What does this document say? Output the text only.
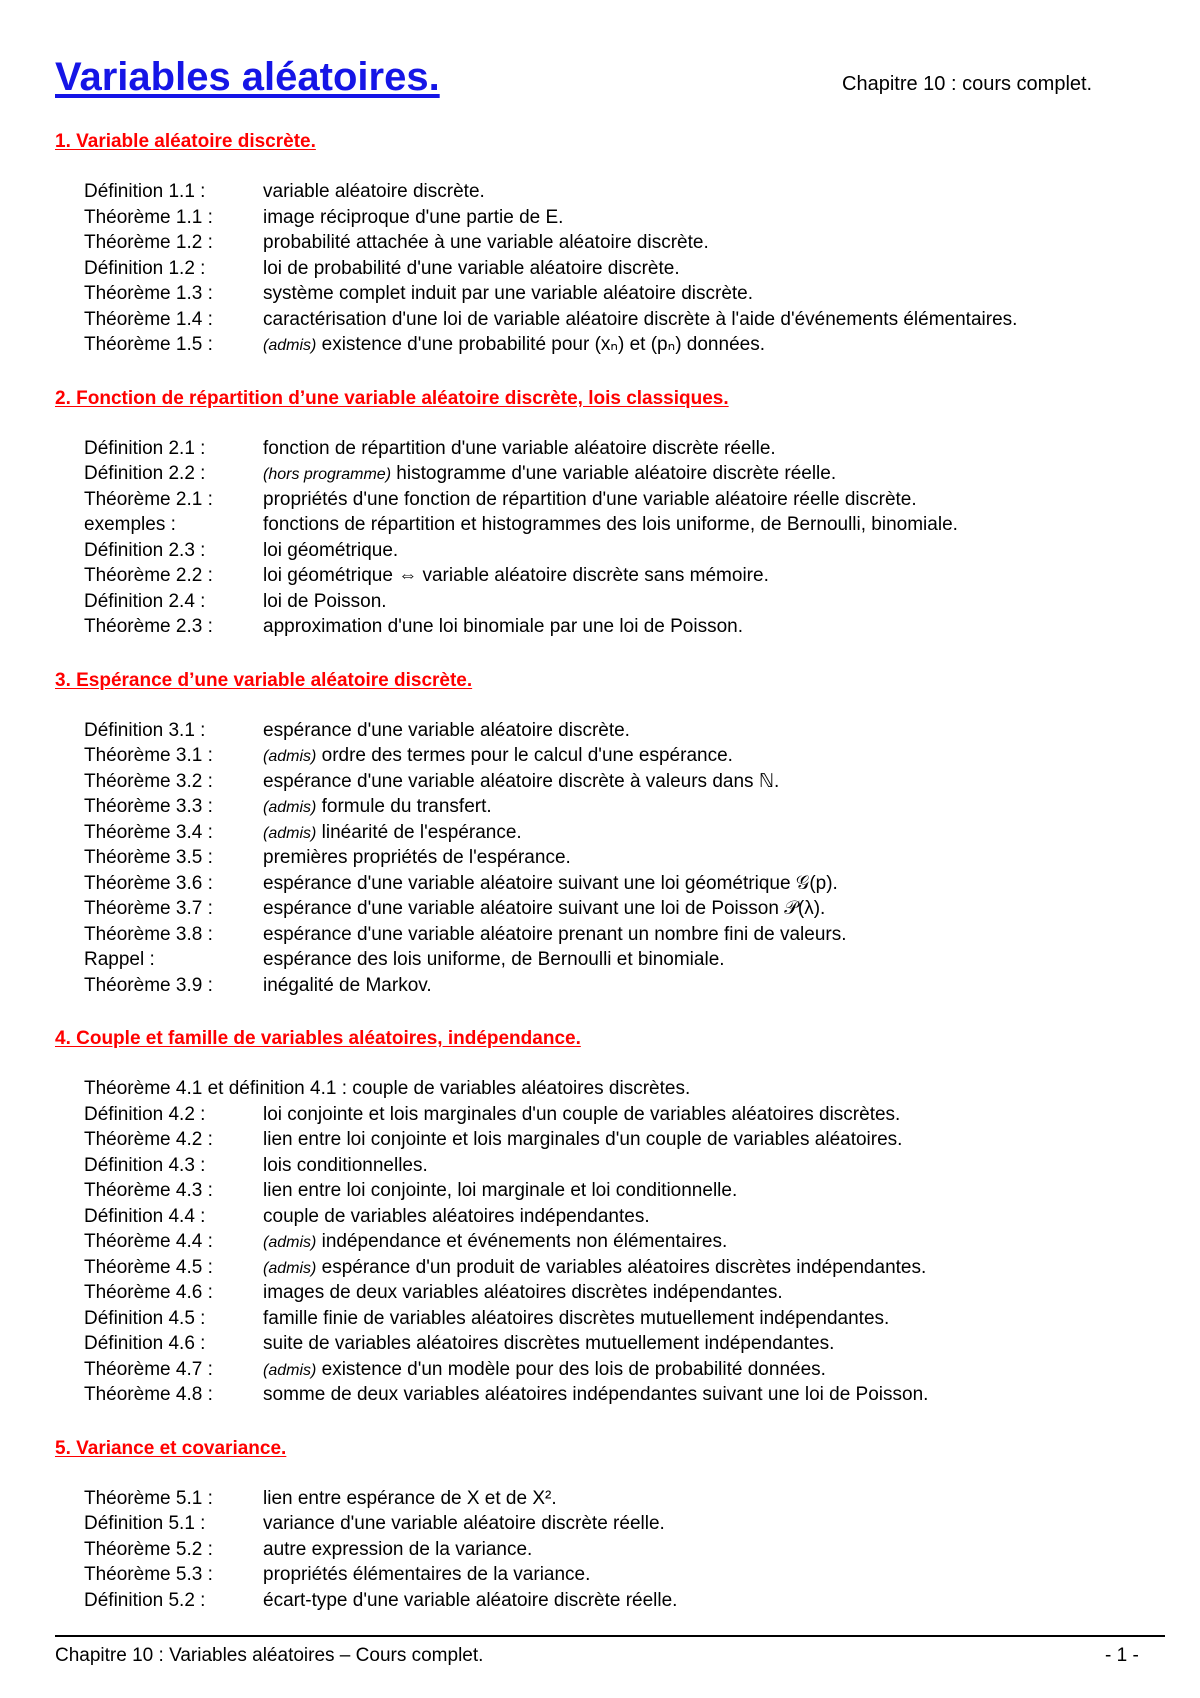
Variables aléatoires.	Chapitre 10 : cours complet.
1. Variable aléatoire discrète.
Définition 1.1 :	variable aléatoire discrète.
Théorème 1.1 :	image réciproque d'une partie de E.
Théorème 1.2 :	probabilité attachée à une variable aléatoire discrète.
Définition 1.2 :	loi de probabilité d'une variable aléatoire discrète.
Théorème 1.3 :	système complet induit par une variable aléatoire discrète.
Théorème 1.4 :	caractérisation d'une loi de variable aléatoire discrète à l'aide d'événements élémentaires.
Théorème 1.5 :	(admis) existence d'une probabilité pour (xₙ) et (pₙ) données.
2. Fonction de répartition d’une variable aléatoire discrète, lois classiques.
Définition 2.1 :	fonction de répartition d'une variable aléatoire discrète réelle.
Définition 2.2 :	(hors programme) histogramme d'une variable aléatoire discrète réelle.
Théorème 2.1 :	propriétés d'une fonction de répartition d'une variable aléatoire réelle discrète.
exemples :	fonctions de répartition et histogrammes des lois uniforme, de Bernoulli, binomiale.
Définition 2.3 :	loi géométrique.
Théorème 2.2 :	loi géométrique ⇔ variable aléatoire discrète sans mémoire.
Définition 2.4 :	loi de Poisson.
Théorème 2.3 :	approximation d'une loi binomiale par une loi de Poisson.
3. Espérance d’une variable aléatoire discrète.
Définition 3.1 :	espérance d'une variable aléatoire discrète.
Théorème 3.1 :	(admis) ordre des termes pour le calcul d'une espérance.
Théorème 3.2 :	espérance d'une variable aléatoire discrète à valeurs dans ℕ.
Théorème 3.3 :	(admis) formule du transfert.
Théorème 3.4 :	(admis) linéarité de l'espérance.
Théorème 3.5 :	premières propriétés de l'espérance.
Théorème 3.6 :	espérance d'une variable aléatoire suivant une loi géométrique 𝒢(p).
Théorème 3.7 :	espérance d'une variable aléatoire suivant une loi de Poisson 𝒫(λ).
Théorème 3.8 :	espérance d'une variable aléatoire prenant un nombre fini de valeurs.
Rappel :	espérance des lois uniforme, de Bernoulli et binomiale.
Théorème 3.9 :	inégalité de Markov.
4. Couple et famille de variables aléatoires, indépendance.
Théorème 4.1 et définition 4.1 : couple de variables aléatoires discrètes.
Définition 4.2 :	loi conjointe et lois marginales d'un couple de variables aléatoires discrètes.
Théorème 4.2 :	lien entre loi conjointe et lois marginales d'un couple de variables aléatoires.
Définition 4.3 :	lois conditionnelles.
Théorème 4.3 :	lien entre loi conjointe, loi marginale et loi conditionnelle.
Définition 4.4 :	couple de variables aléatoires indépendantes.
Théorème 4.4 :	(admis) indépendance et événements non élémentaires.
Théorème 4.5 :	(admis) espérance d'un produit de variables aléatoires discrètes indépendantes.
Théorème 4.6 :	images de deux variables aléatoires discrètes indépendantes.
Définition 4.5 :	famille finie de variables aléatoires discrètes mutuellement indépendantes.
Définition 4.6 :	suite de variables aléatoires discrètes mutuellement indépendantes.
Théorème 4.7 :	(admis) existence d'un modèle pour des lois de probabilité données.
Théorème 4.8 :	somme de deux variables aléatoires indépendantes suivant une loi de Poisson.
5. Variance et covariance.
Théorème 5.1 :	lien entre espérance de X et de X².
Définition 5.1 :	variance d'une variable aléatoire discrète réelle.
Théorème 5.2 :	autre expression de la variance.
Théorème 5.3 :	propriétés élémentaires de la variance.
Définition 5.2 :	écart-type d'une variable aléatoire discrète réelle.
Chapitre 10 : Variables aléatoires – Cours complet.	- 1 -
